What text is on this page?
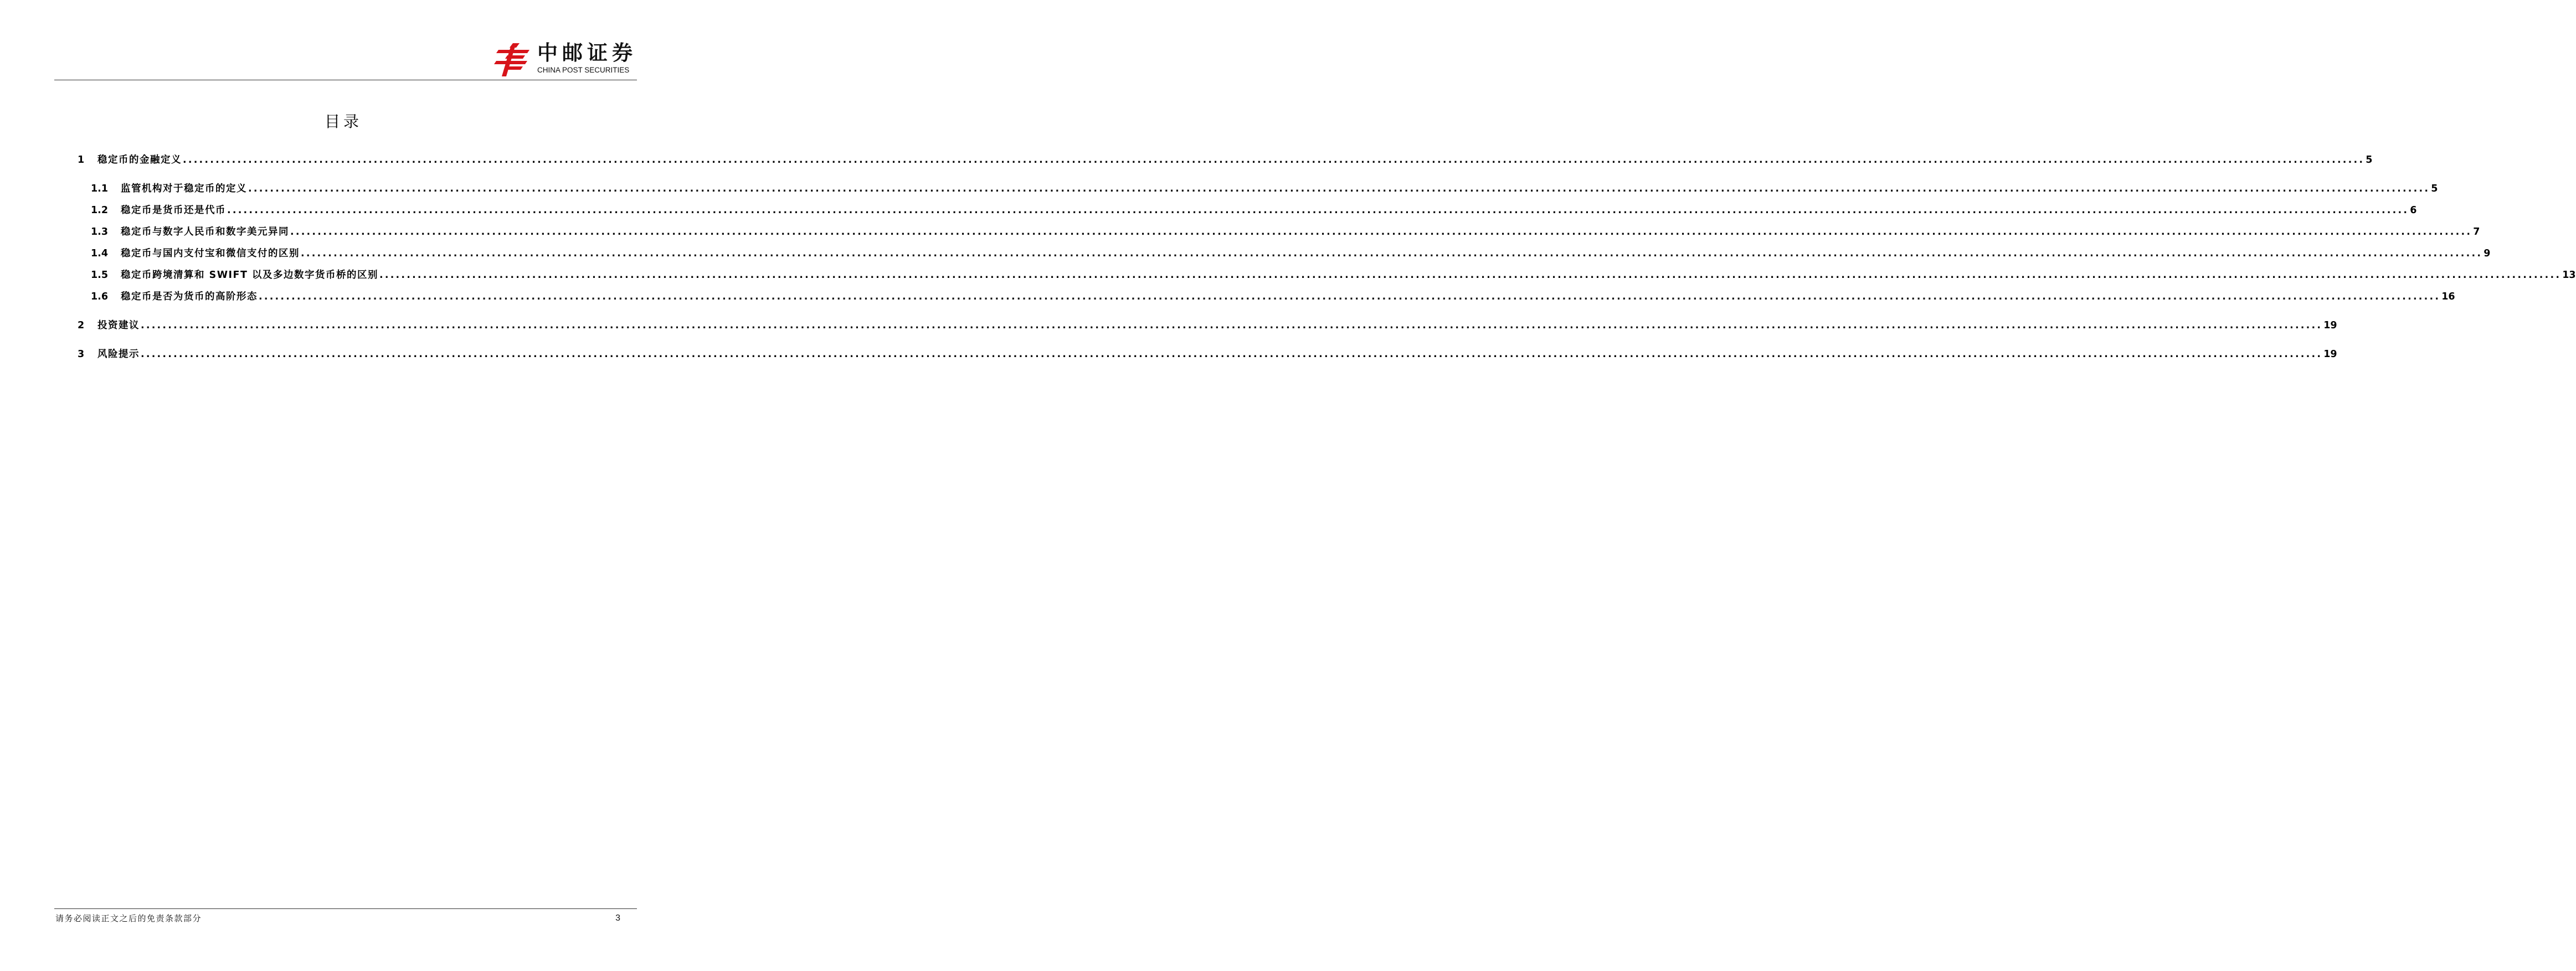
中邮证券
CHINA POST SECURITIES
目录
1	稳定币的金融定义 ................................................................................................................................................................................................................................................................................................................................................................................................................ 5
1.1	监管机构对于稳定币的定义 ................................................................................................................................................................................................................................................................................................................................................................................................................ 5
1.2	稳定币是货币还是代币 ................................................................................................................................................................................................................................................................................................................................................................................................................ 6
1.3	稳定币与数字人民币和数字美元异同 ................................................................................................................................................................................................................................................................................................................................................................................................................ 7
1.4	稳定币与国内支付宝和微信支付的区别 ................................................................................................................................................................................................................................................................................................................................................................................................................ 9
1.5	稳定币跨境清算和 SWIFT 以及多边数字货币桥的区别 ................................................................................................................................................................................................................................................................................................................................................................................................................ 13
1.6	稳定币是否为货币的高阶形态 ................................................................................................................................................................................................................................................................................................................................................................................................................ 16
2	投资建议 ................................................................................................................................................................................................................................................................................................................................................................................................................ 19
3	风险提示 ................................................................................................................................................................................................................................................................................................................................................................................................................ 19
请务必阅读正文之后的免责条款部分	3
